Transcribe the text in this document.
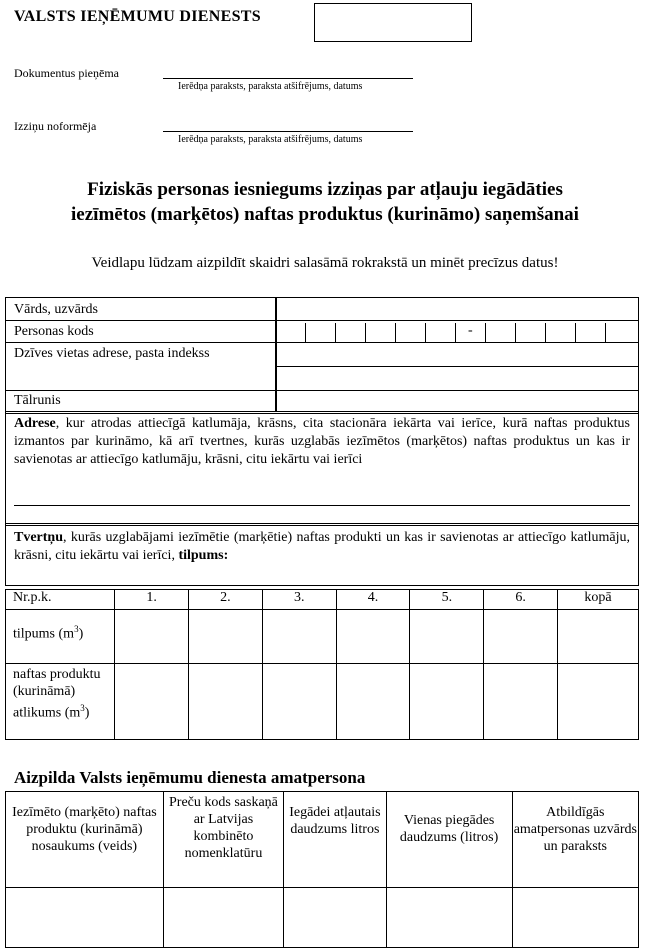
VALSTS IEŅĒMUMU DIENESTS
Dokumentus pieņēma
Ierēdņa paraksts, paraksta atšifrējums, datums
Izziņu noformēja
Ierēdņa paraksts, paraksta atšifrējums, datums
Fiziskās personas iesniegums izziņas par atļauju iegādāties
iezīmētos (marķētos) naftas produktus (kurināmo) saņemšanai
Veidlapu lūdzam aizpildīt skaidri salasāmā rokrakstā un minēt precīzus datus!
Vārds, uzvārds
Personas kods	-
Dzīves vietas adrese, pasta indekss
Tālrunis
Adrese, kur atrodas attiecīgā katlumāja, krāsns, cita stacionāra iekārta vai ierīce, kurā naftas produktus izmantos par kurināmo, kā arī tvertnes, kurās uzglabās iezīmētos (marķētos) naftas produktus un kas ir savienotas ar attiecīgo katlumāju, krāsni, citu iekārtu vai ierīci
Tvertņu, kurās uzglabājami iezīmētie (marķētie) naftas produkti un kas ir savienotas ar attiecīgo katlumāju, krāsni, citu iekārtu vai ierīci, tilpums:
Nr.p.k.	1.	2.	3.	4.	5.	6.	kopā
tilpums $(m^3)$							
naftas produktu (kurināmā) atlikums $(m^3)$							
Aizpilda Valsts ieņēmumu dienesta amatpersona
Iezīmēto (marķēto) naftas produktu (kurināmā) nosaukums (veids)	Preču kods saskaņā ar Latvijas kombinēto nomenklatūru	Iegādei atļautais daudzums litros	Vienas piegādes daudzums (litros)	Atbildīgās amatpersonas uzvārds un paraksts
